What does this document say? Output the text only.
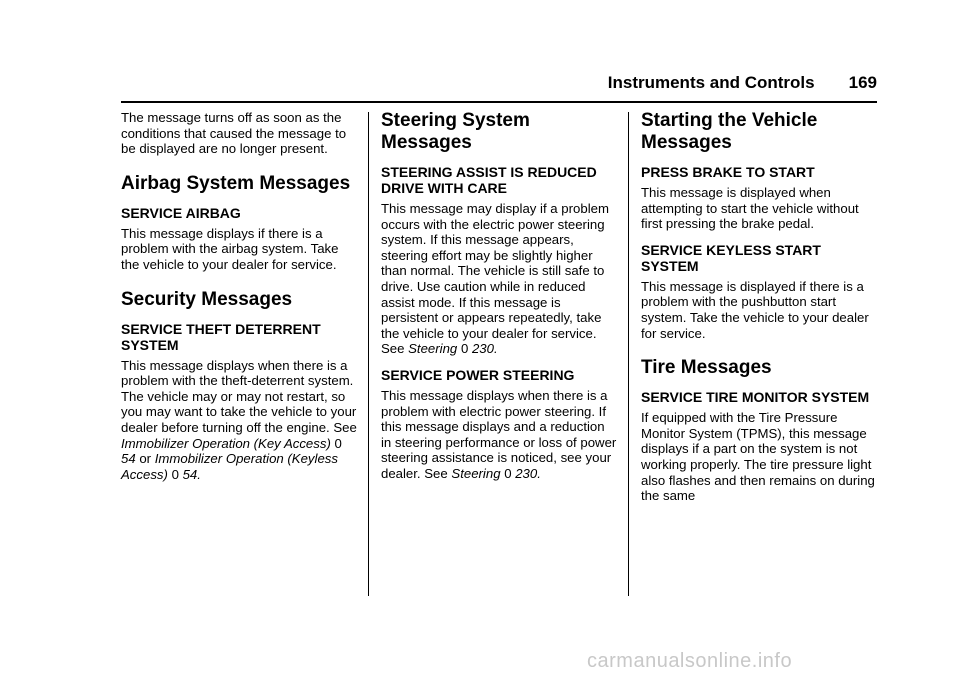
Instruments and Controls 169

The message turns off as soon as the conditions that caused the message to be displayed are no longer present.

Airbag System Messages
SERVICE AIRBAG

This message displays if there is a problem with the airbag system. Take the vehicle to your dealer for service.

Security Messages
SERVICE THEFT DETERRENT SYSTEM

This message displays when there is a problem with the theft-deterrent system. The vehicle may or may not restart, so you may want to take the vehicle to your dealer before turning off the engine. See Immobilizer Operation (Key Access) 0 54 or Immobilizer Operation (Keyless Access) 0 54.

Steering System Messages
STEERING ASSIST IS REDUCED DRIVE WITH CARE

This message may display if a problem occurs with the electric power steering system. If this message appears, steering effort may be slightly higher than normal. The vehicle is still safe to drive. Use caution while in reduced assist mode. If this message is persistent or appears repeatedly, take the vehicle to your dealer for service. See Steering 0 230.

SERVICE POWER STEERING

This message displays when there is a problem with electric power steering. If this message displays and a reduction in steering performance or loss of power steering assistance is noticed, see your dealer. See Steering 0 230.

Starting the Vehicle Messages
PRESS BRAKE TO START

This message is displayed when attempting to start the vehicle without first pressing the brake pedal.

SERVICE KEYLESS START SYSTEM

This message is displayed if there is a problem with the pushbutton start system. Take the vehicle to your dealer for service.

Tire Messages
SERVICE TIRE MONITOR SYSTEM

If equipped with the Tire Pressure Monitor System (TPMS), this message displays if a part on the system is not working properly. The tire pressure light also flashes and then remains on during the same

carmanualsonline.info
